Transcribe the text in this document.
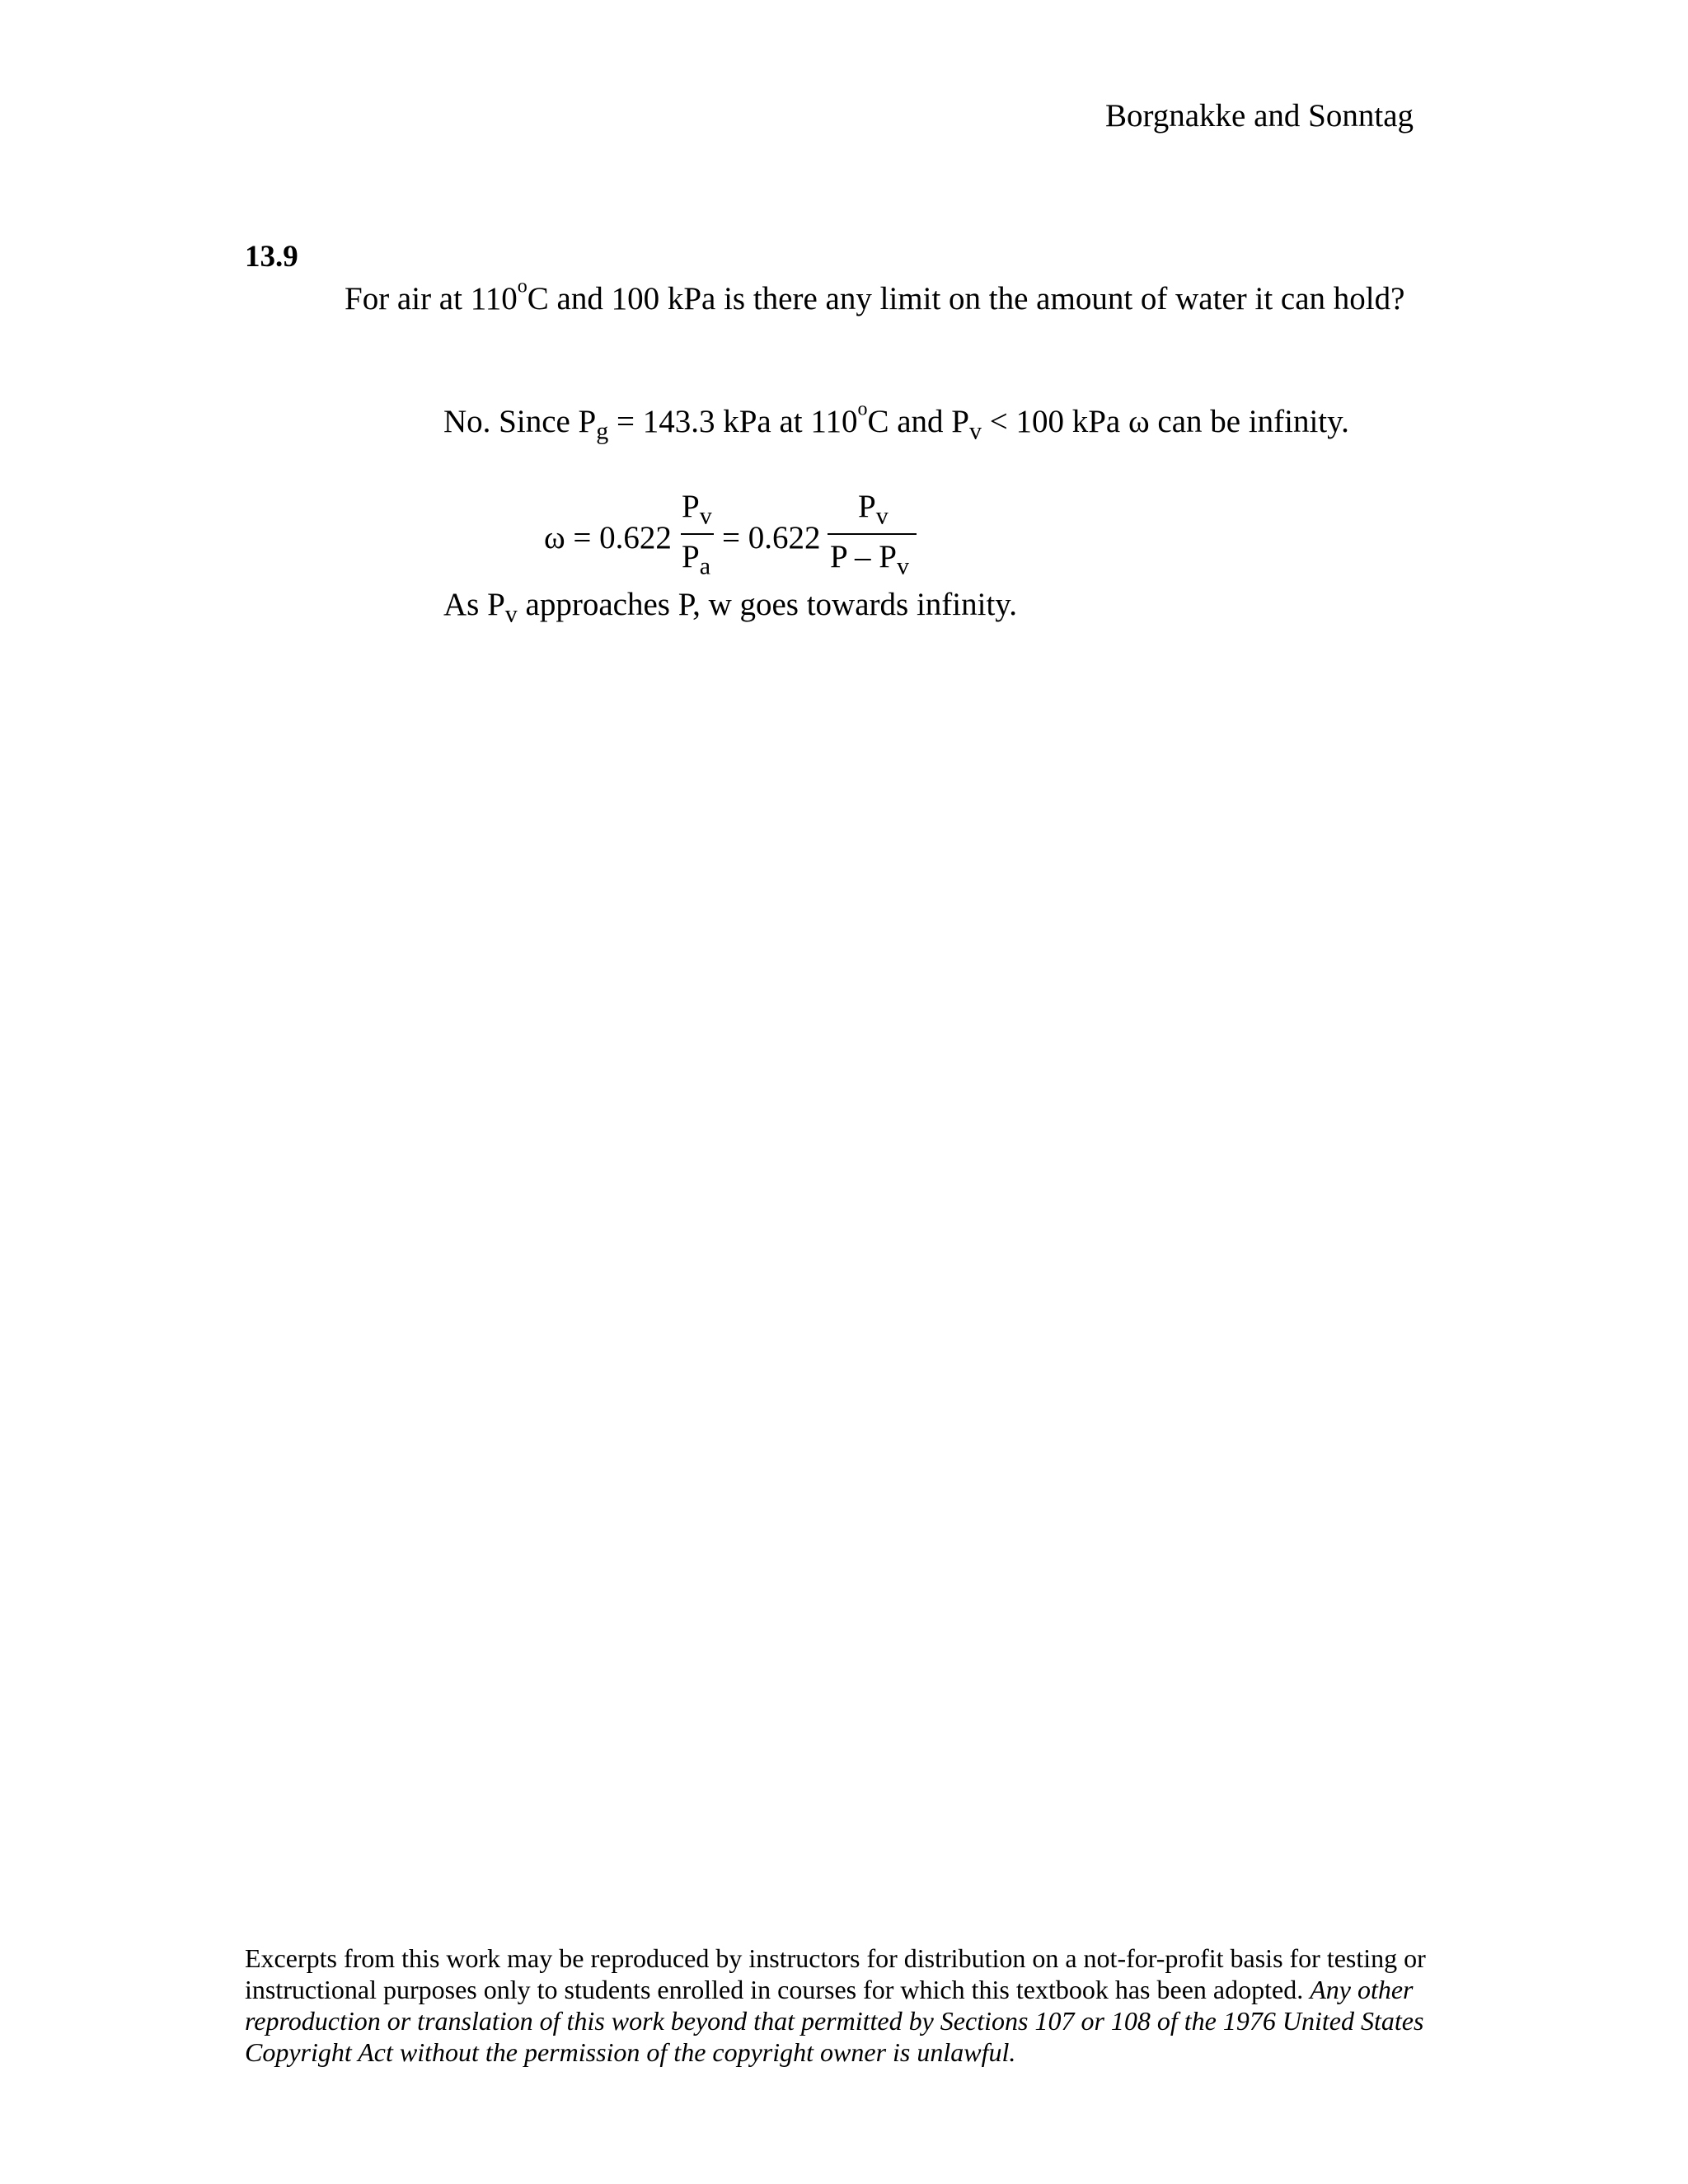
Borgnakke and Sonntag
13.9
For air at 110$^o$C and 100 kPa is there any limit on the amount of water it can hold?
No. Since $P_g = 143.3$ kPa at 110$^o$C and $P_v < 100$ kPa ω can be infinity.
ω = 0.622
$P_v$
$P_a$
= 0.622
$P_v$
P – $P_v$
As $P_v$ approaches P, w goes towards infinity.
Excerpts from this work may be reproduced by instructors for distribution on a not-for-profit basis for testing or instructional purposes only to students enrolled in courses for which this textbook has been adopted. Any other reproduction or translation of this work beyond that permitted by Sections 107 or 108 of the 1976 United States Copyright Act without the permission of the copyright owner is unlawful.
